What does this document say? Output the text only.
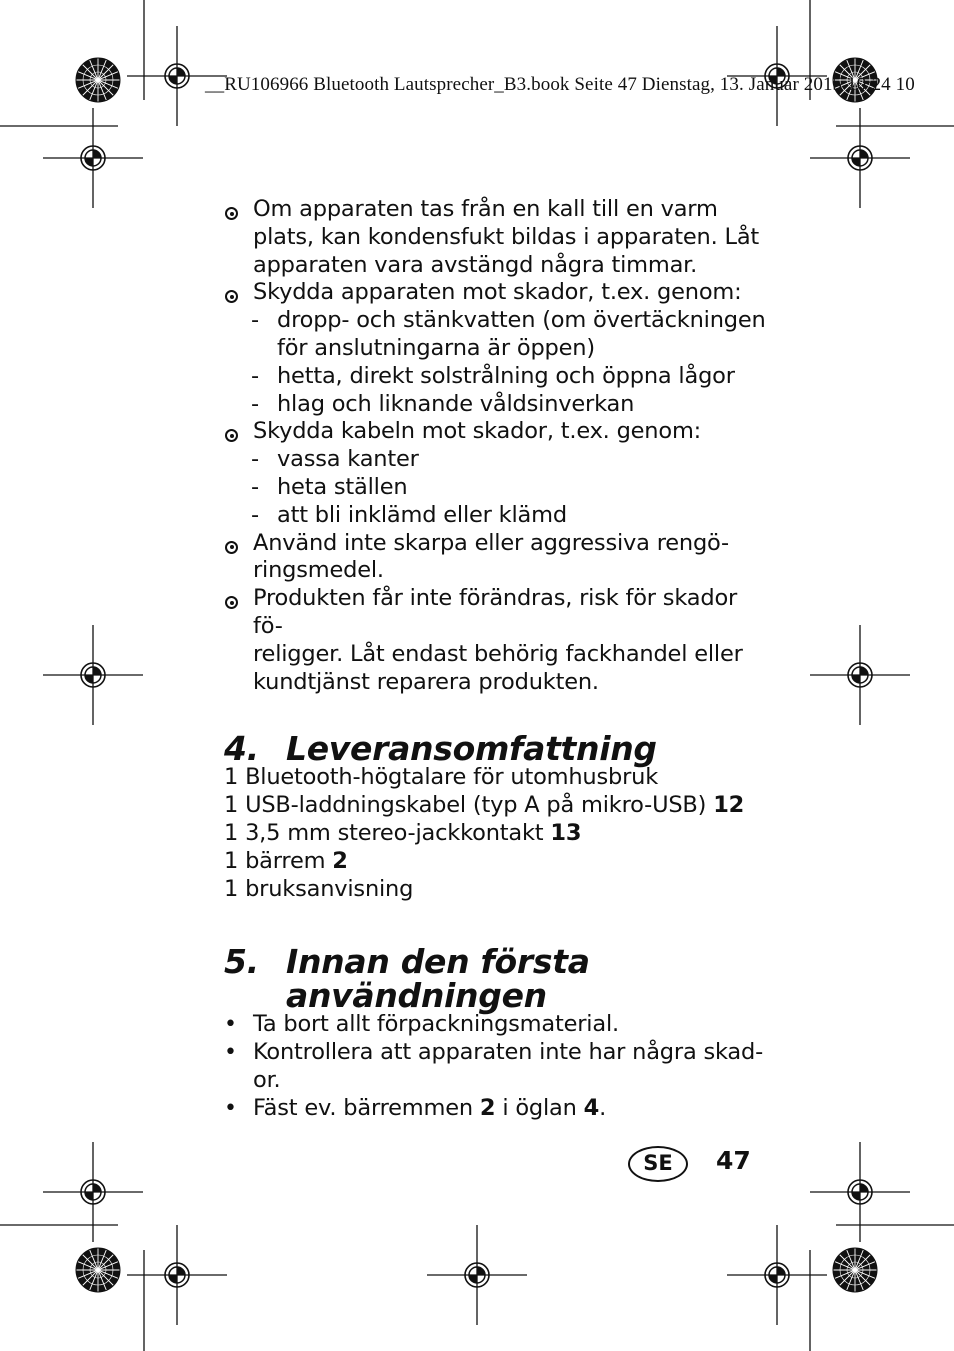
__RU106966 Bluetooth Lautsprecher_B3.book Seite 47 Dienstag, 13. Januar 2015 10:24 10
Om apparaten tas från en kall till en varm
plats, kan kondensfukt bildas i apparaten. Låt
apparaten vara avstängd några timmar.

Skydda apparaten mot skador, t.ex. genom:

- dropp- och stänkvatten (om övertäckningen
för anslutningarna är öppen)
- hetta, direkt solstrålning och öppna lågor
- hlag och liknande våldsinverkan
Skydda kabeln mot skador, t.ex. genom:

- vassa kanter
- heta ställen
- att bli inklämd eller klämd
Använd inte skarpa eller aggressiva rengö-
ringsmedel.

Produkten får inte förändras, risk för skador fö-
religger. Låt endast behörig fackhandel eller
kundtjänst reparera produkten.

4. Leveransomfattning
1 Bluetooth-högtalare för utomhusbruk
1 USB-laddningskabel (typ A på mikro-USB) 12
1 3,5 mm stereo-jackkontakt 13
1 bärrem 2
1 bruksanvisning
5. Innan den första
användningen
• Ta bort allt förpackningsmaterial.
• Kontrollera att apparaten inte har några skad-
or.
• Fäst ev. bärremmen 2 i öglan 4.
SE	47
